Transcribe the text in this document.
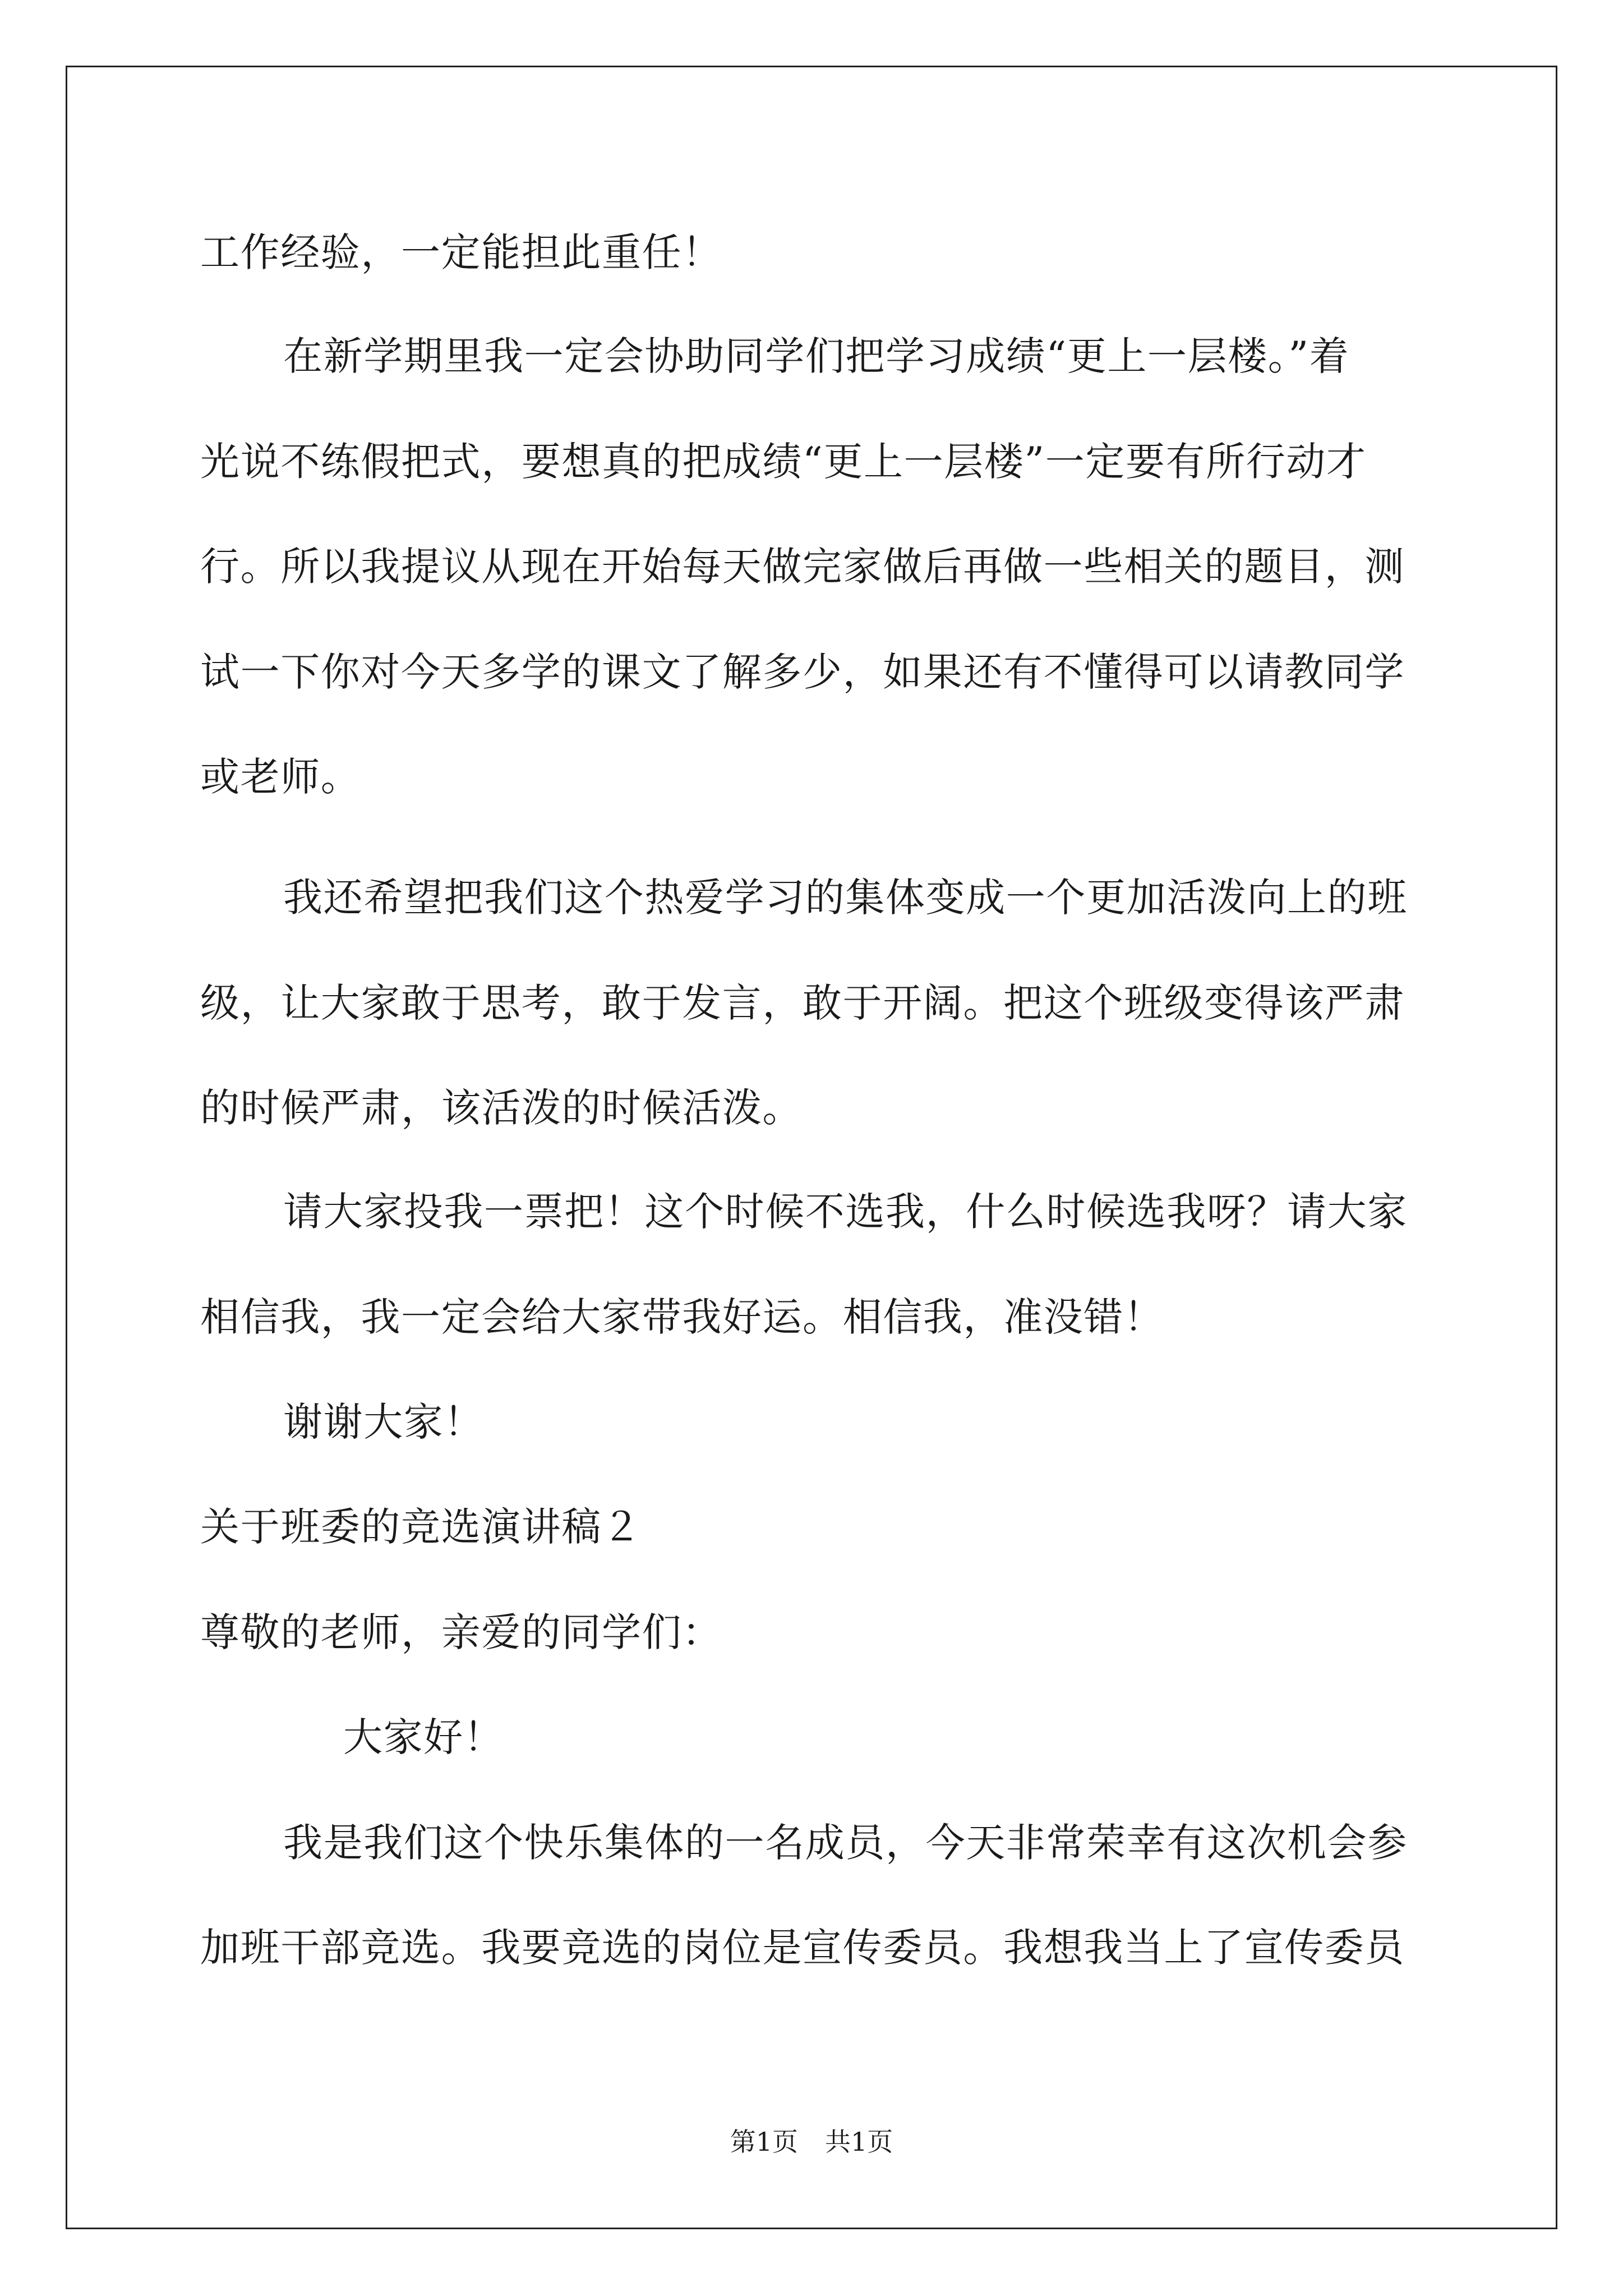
工作经验，一定能担此重任！
在新学期里我一定会协助同学们把学习成绩“更上一层楼。”着
光说不练假把式，要想真的把成绩“更上一层楼”一定要有所行动才
行。所以我提议从现在开始每天做完家做后再做一些相关的题目，测
试一下你对今天多学的课文了解多少，如果还有不懂得可以请教同学
或老师。
我还希望把我们这个热爱学习的集体变成一个更加活泼向上的班
级，让大家敢于思考，敢于发言，敢于开阔。把这个班级变得该严肃
的时候严肃，该活泼的时候活泼。
请大家投我一票把！这个时候不选我，什么时候选我呀？请大家
相信我，我一定会给大家带我好运。相信我，准没错！
谢谢大家！
关于班委的竞选演讲稿２
尊敬的老师，亲爱的同学们：
大家好！
我是我们这个快乐集体的一名成员，今天非常荣幸有这次机会参
加班干部竞选。我要竞选的岗位是宣传委员。我想我当上了宣传委员
第1页 共1页
